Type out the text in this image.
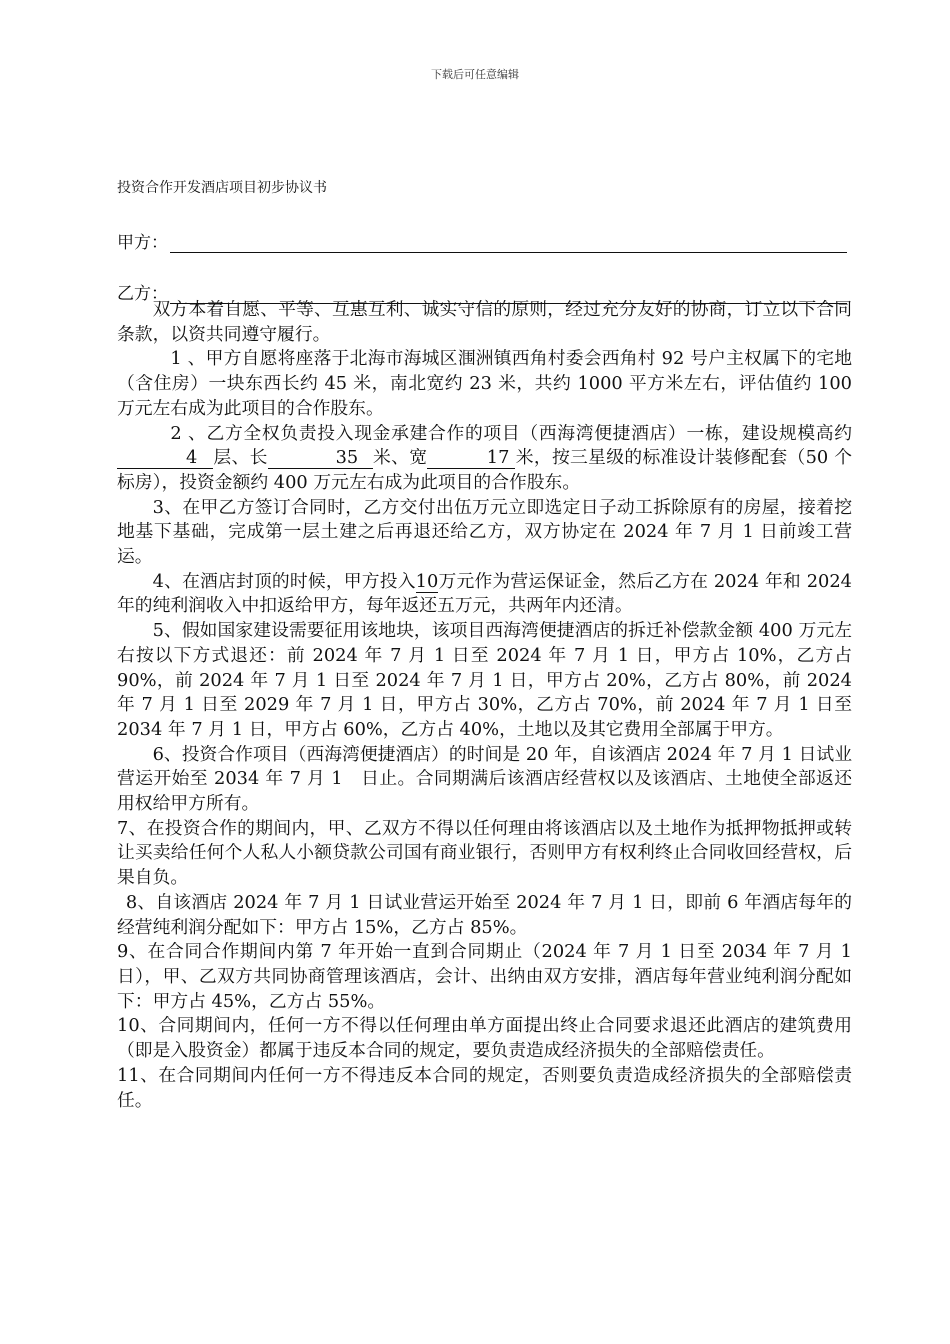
下载后可任意编辑
投资合作开发酒店项目初步协议书
甲方：
乙方：

双方本着自愿、平等、互惠互利、诚实守信的原则，经过充分友好的协商，订立以下合同条款，以资共同遵守履行。

1 、甲方自愿将座落于北海市海城区涠洲镇西角村委会西角村 92 号户主权属下的宅地（含住房）一块东西长约 45 米，南北宽约 23 米，共约 1000 平方米左右，评估值约 100 万元左右成为此项目的合作股东。

2 、乙方全权负责投入现金承建合作的项目（西海湾便捷酒店）一栋，建设规模高约4 层、长	35 米、宽	17 米，按三星级的标准设计装修配套（50 个标房），投资金额约 400 万元左右成为此项目的合作股东。

3、在甲乙方签订合同时，乙方交付出伍万元立即选定日子动工拆除原有的房屋，接着挖地基下基础，完成第一层土建之后再退还给乙方，双方协定在 2024 年 7 月 1 日前竣工营运。

4、在酒店封顶的时候，甲方投入10万元作为营运保证金，然后乙方在 2024 年和 2024 年的纯利润收入中扣返给甲方，每年返还五万元，共两年内还清。

5、假如国家建设需要征用该地块，该项目西海湾便捷酒店的拆迁补偿款金额 400 万元左右按以下方式退还：前 2024 年 7 月 1 日至 2024 年 7 月 1 日，甲方占 10%，乙方占 90%，前 2024 年 7 月 1 日至 2024 年 7 月 1 日，甲方占 20%，乙方占 80%，前 2024 年 7 月 1 日至 2029 年 7 月 1 日，甲方占 30%，乙方占 70%，前 2024 年 7 月 1 日至 2034 年 7 月 1 日，甲方占 60%，乙方占 40%，土地以及其它费用全部属于甲方。

6、投资合作项目（西海湾便捷酒店）的时间是 20 年，自该酒店 2024 年 7 月 1 日试业营运开始至 2034 年 7 月 1　日止。合同期满后该酒店经营权以及该酒店、土地使全部返还用权给甲方所有。

7、在投资合作的期间内，甲、乙双方不得以任何理由将该酒店以及土地作为抵押物抵押或转让买卖给任何个人私人小额贷款公司国有商业银行，否则甲方有权利终止合同收回经营权，后果自负。

8、自该酒店 2024 年 7 月 1 日试业营运开始至 2024 年 7 月 1 日，即前 6 年酒店每年的经营纯利润分配如下：甲方占 15%，乙方占 85%。

9、在合同合作期间内第 7 年开始一直到合同期止（2024 年 7 月 1 日至 2034 年 7 月 1 日），甲、乙双方共同协商管理该酒店，会计、出纳由双方安排，酒店每年营业纯利润分配如下：甲方占 45%，乙方占 55%。

10、合同期间内，任何一方不得以任何理由单方面提出终止合同要求退还此酒店的建筑费用（即是入股资金）都属于违反本合同的规定，要负责造成经济损失的全部赔偿责任。

11、在合同期间内任何一方不得违反本合同的规定，否则要负责造成经济损失的全部赔偿责任。
